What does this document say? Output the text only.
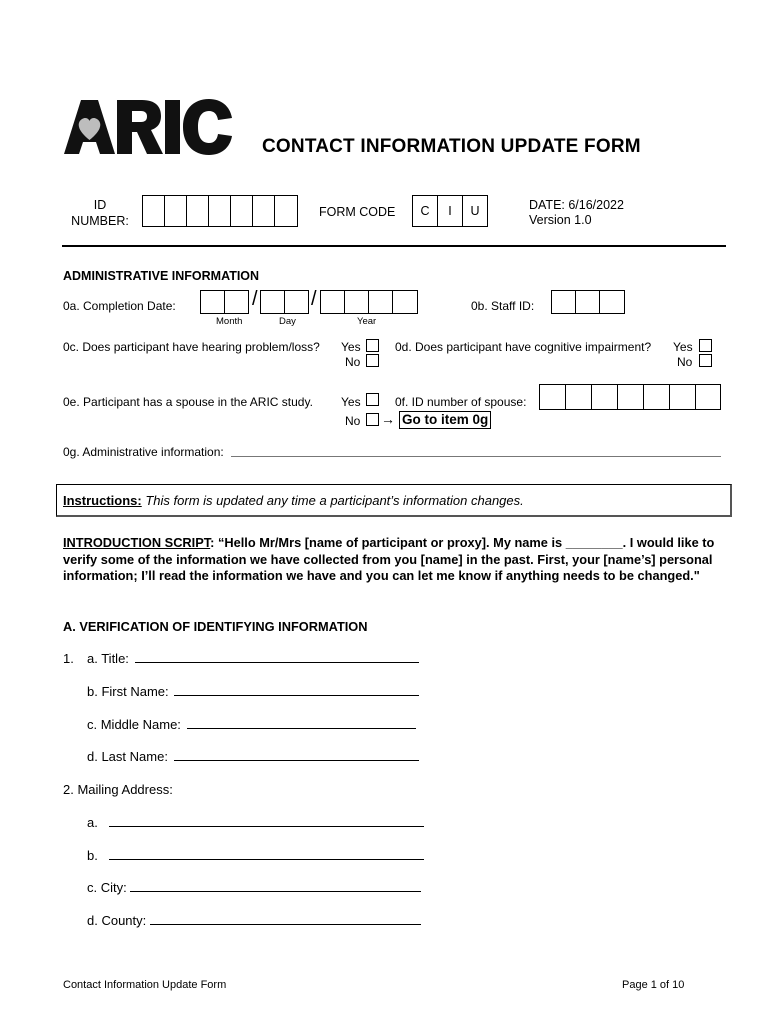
CONTACT INFORMATION UPDATE FORM
ID
NUMBER:
FORM CODE	C	I	U	DATE: 6/16/2022
Version 1.0
ADMINISTRATIVE INFORMATION
0a. Completion Date:	/	/
Month	Day	Year
0b. Staff ID:
0c. Does participant have hearing problem/loss? Yes
No
0d. Does participant have cognitive impairment? Yes
No
0e. Participant has a spouse in the ARIC study. Yes
No → Go to item 0g
0f. ID number of spouse:
0g. Administrative information:
Instructions: This form is updated any time a participant’s information changes.
INTRODUCTION SCRIPT: “Hello Mr/Mrs [name of participant or proxy]. My name is ________. I would like to verify some of the information we have collected from you [name] in the past. First, your [name’s] personal information; I’ll read the information we have and you can let me know if anything needs to be changed."
A. VERIFICATION OF IDENTIFYING INFORMATION
1. a. Title:
b. First Name:
c. Middle Name:
d. Last Name:
2. Mailing Address:
a.
b.
c. City:
d. County:
Contact Information Update Form	Page 1 of 10
